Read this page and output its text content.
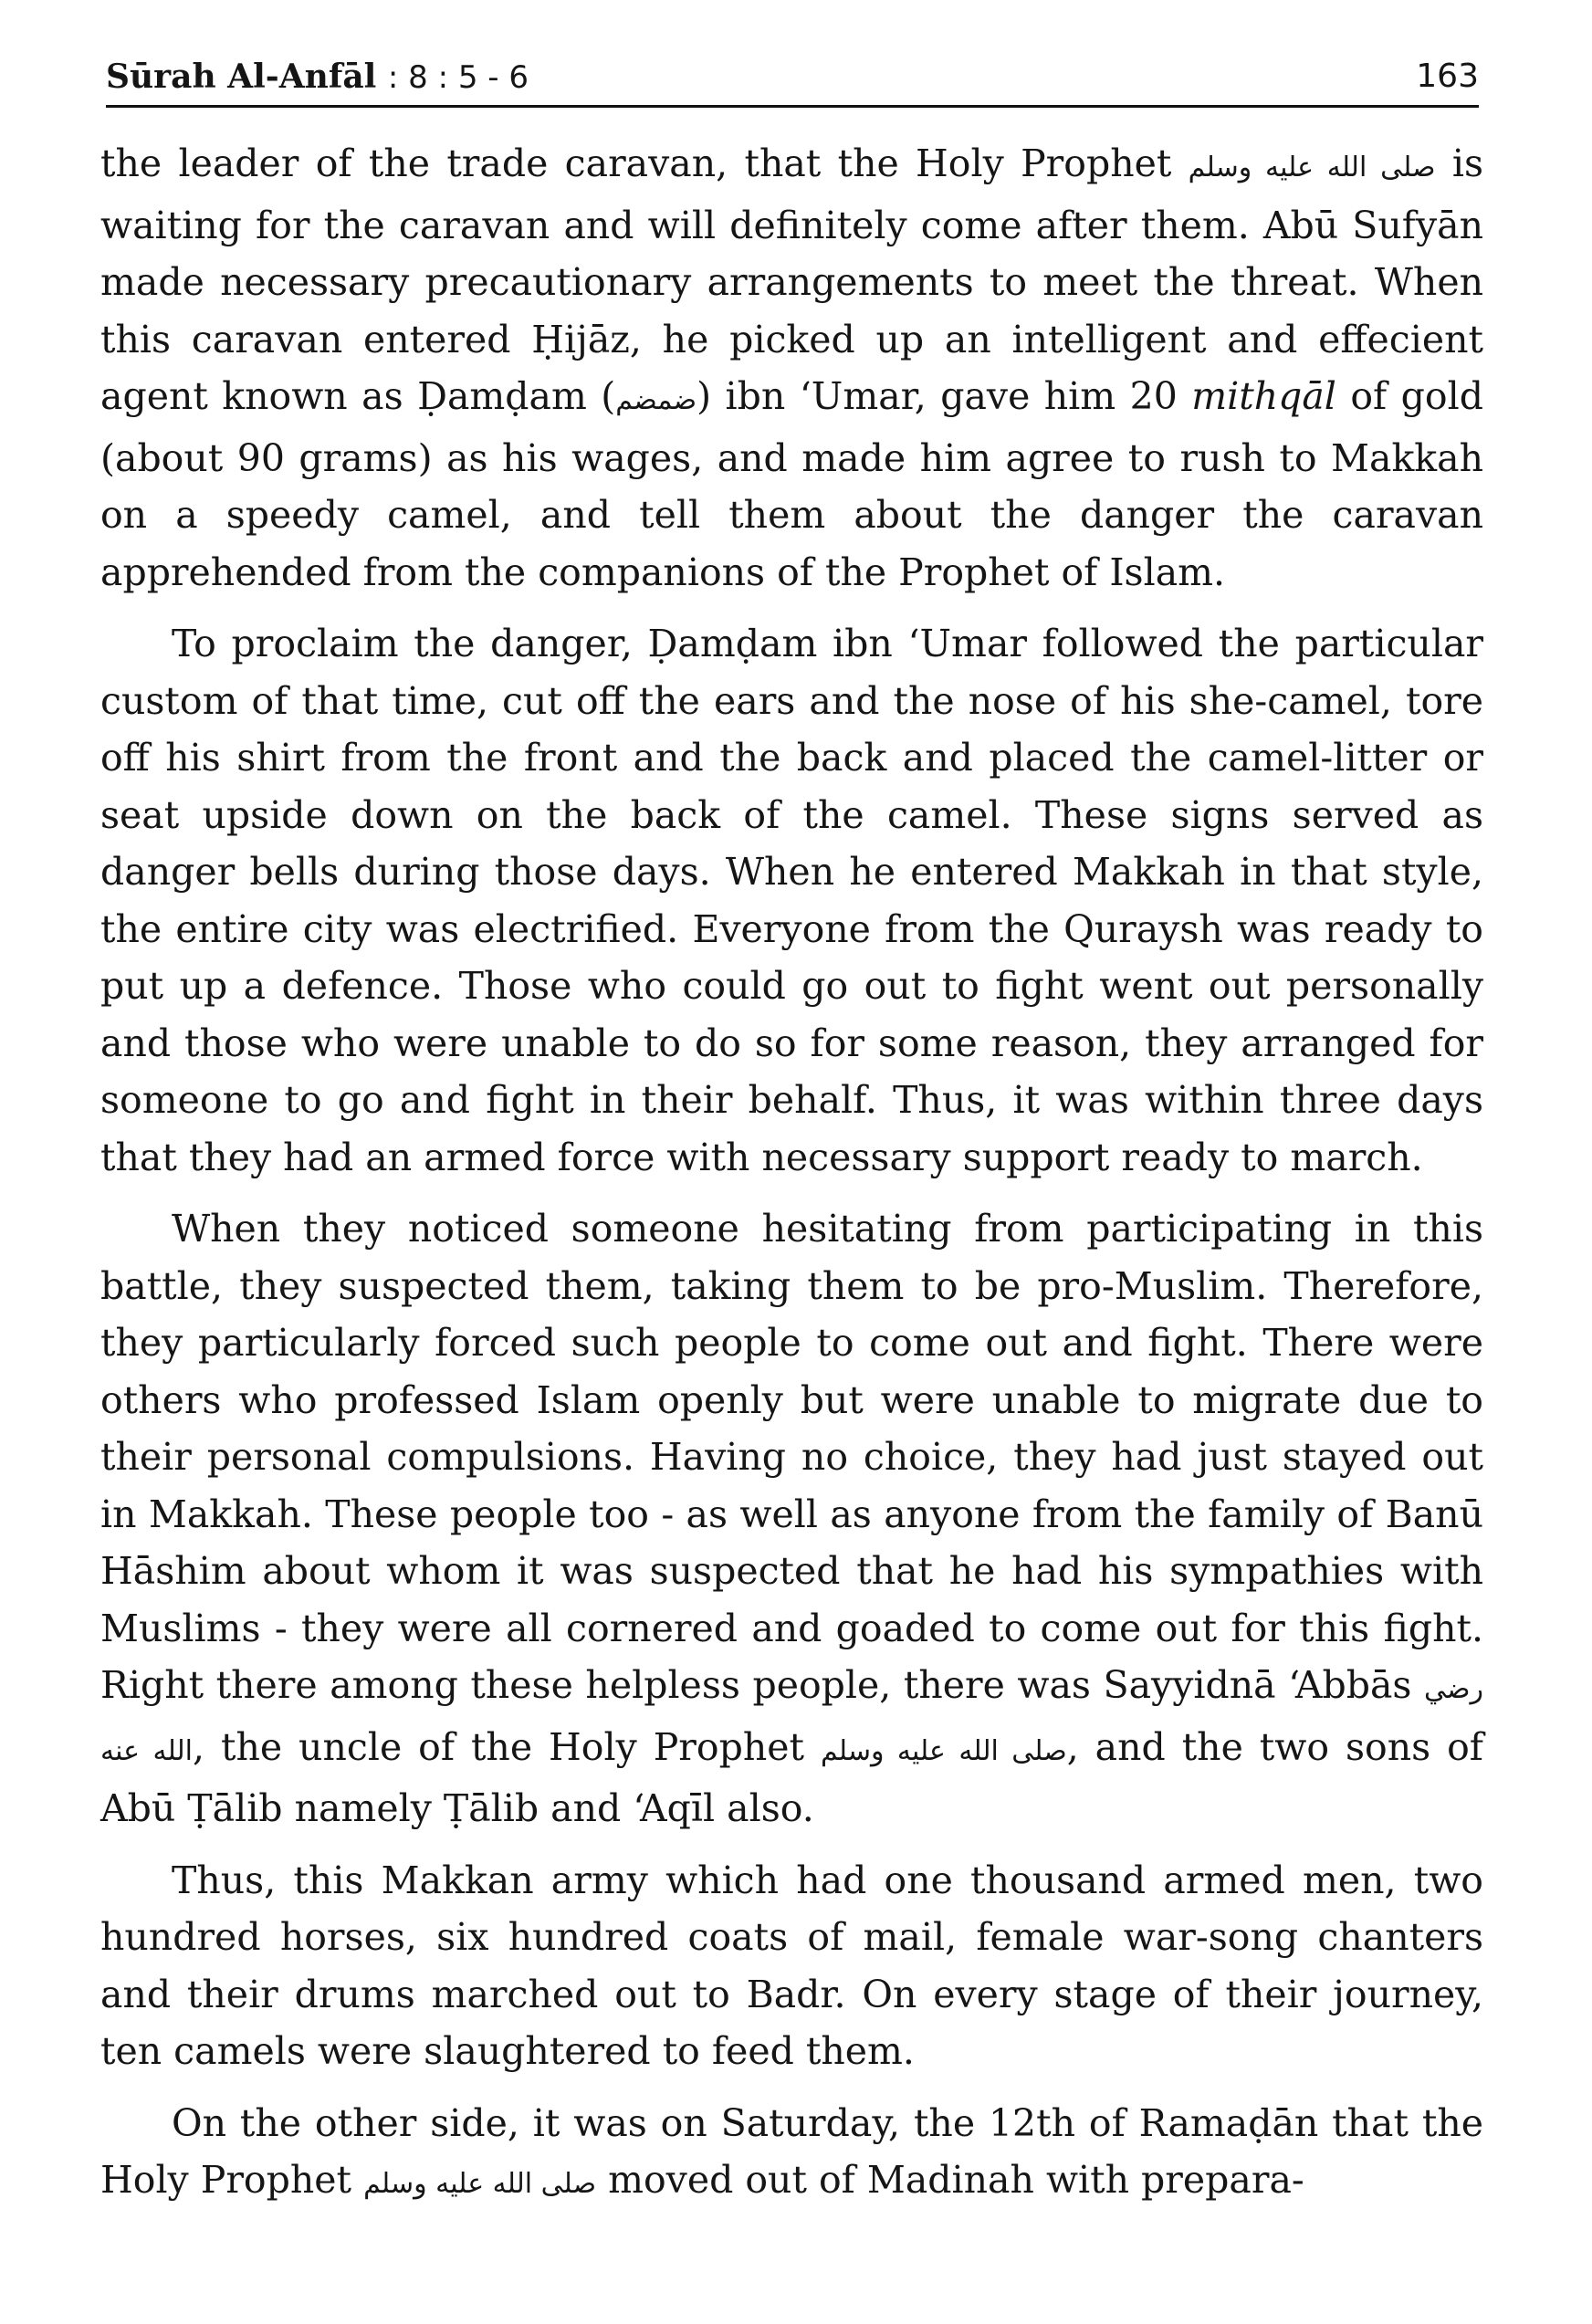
Sūrah Al-Anfāl : 8 : 5 - 6	163

the leader of the trade caravan, that the Holy Prophet صلى الله عليه وسلم is waiting for the caravan and will definitely come after them. Abū Sufyān made necessary precautionary arrangements to meet the threat. When this caravan entered Ḥijāz, he picked up an intelligent and effecient agent known as Ḍamḍam (ضمضم) ibn ‘Umar, gave him 20 mithqāl of gold (about 90 grams) as his wages, and made him agree to rush to Makkah on a speedy camel, and tell them about the danger the caravan apprehended from the companions of the Prophet of Islam.

To proclaim the danger, Ḍamḍam ibn ‘Umar followed the particular custom of that time, cut off the ears and the nose of his she-camel, tore off his shirt from the front and the back and placed the camel-litter or seat upside down on the back of the camel. These signs served as danger bells during those days. When he entered Makkah in that style, the entire city was electrified. Everyone from the Quraysh was ready to put up a defence. Those who could go out to fight went out personally and those who were unable to do so for some reason, they arranged for someone to go and fight in their behalf. Thus, it was within three days that they had an armed force with necessary support ready to march.

When they noticed someone hesitating from participating in this battle, they suspected them, taking them to be pro-Muslim. Therefore, they particularly forced such people to come out and fight. There were others who professed Islam openly but were unable to migrate due to their personal compulsions. Having no choice, they had just stayed out in Makkah. These people too - as well as anyone from the family of Banū Hāshim about whom it was suspected that he had his sympathies with Muslims - they were all cornered and goaded to come out for this fight. Right there among these helpless people, there was Sayyidnā ‘Abbās رضي الله عنه, the uncle of the Holy Prophet صلى الله عليه وسلم, and the two sons of Abū Ṭālib namely Ṭālib and ‘Aqīl also.

Thus, this Makkan army which had one thousand armed men, two hundred horses, six hundred coats of mail, female war-song chanters and their drums marched out to Badr. On every stage of their journey, ten camels were slaughtered to feed them.

On the other side, it was on Saturday, the 12th of Ramaḍān that the Holy Prophet صلى الله عليه وسلم moved out of Madinah with prepara-
